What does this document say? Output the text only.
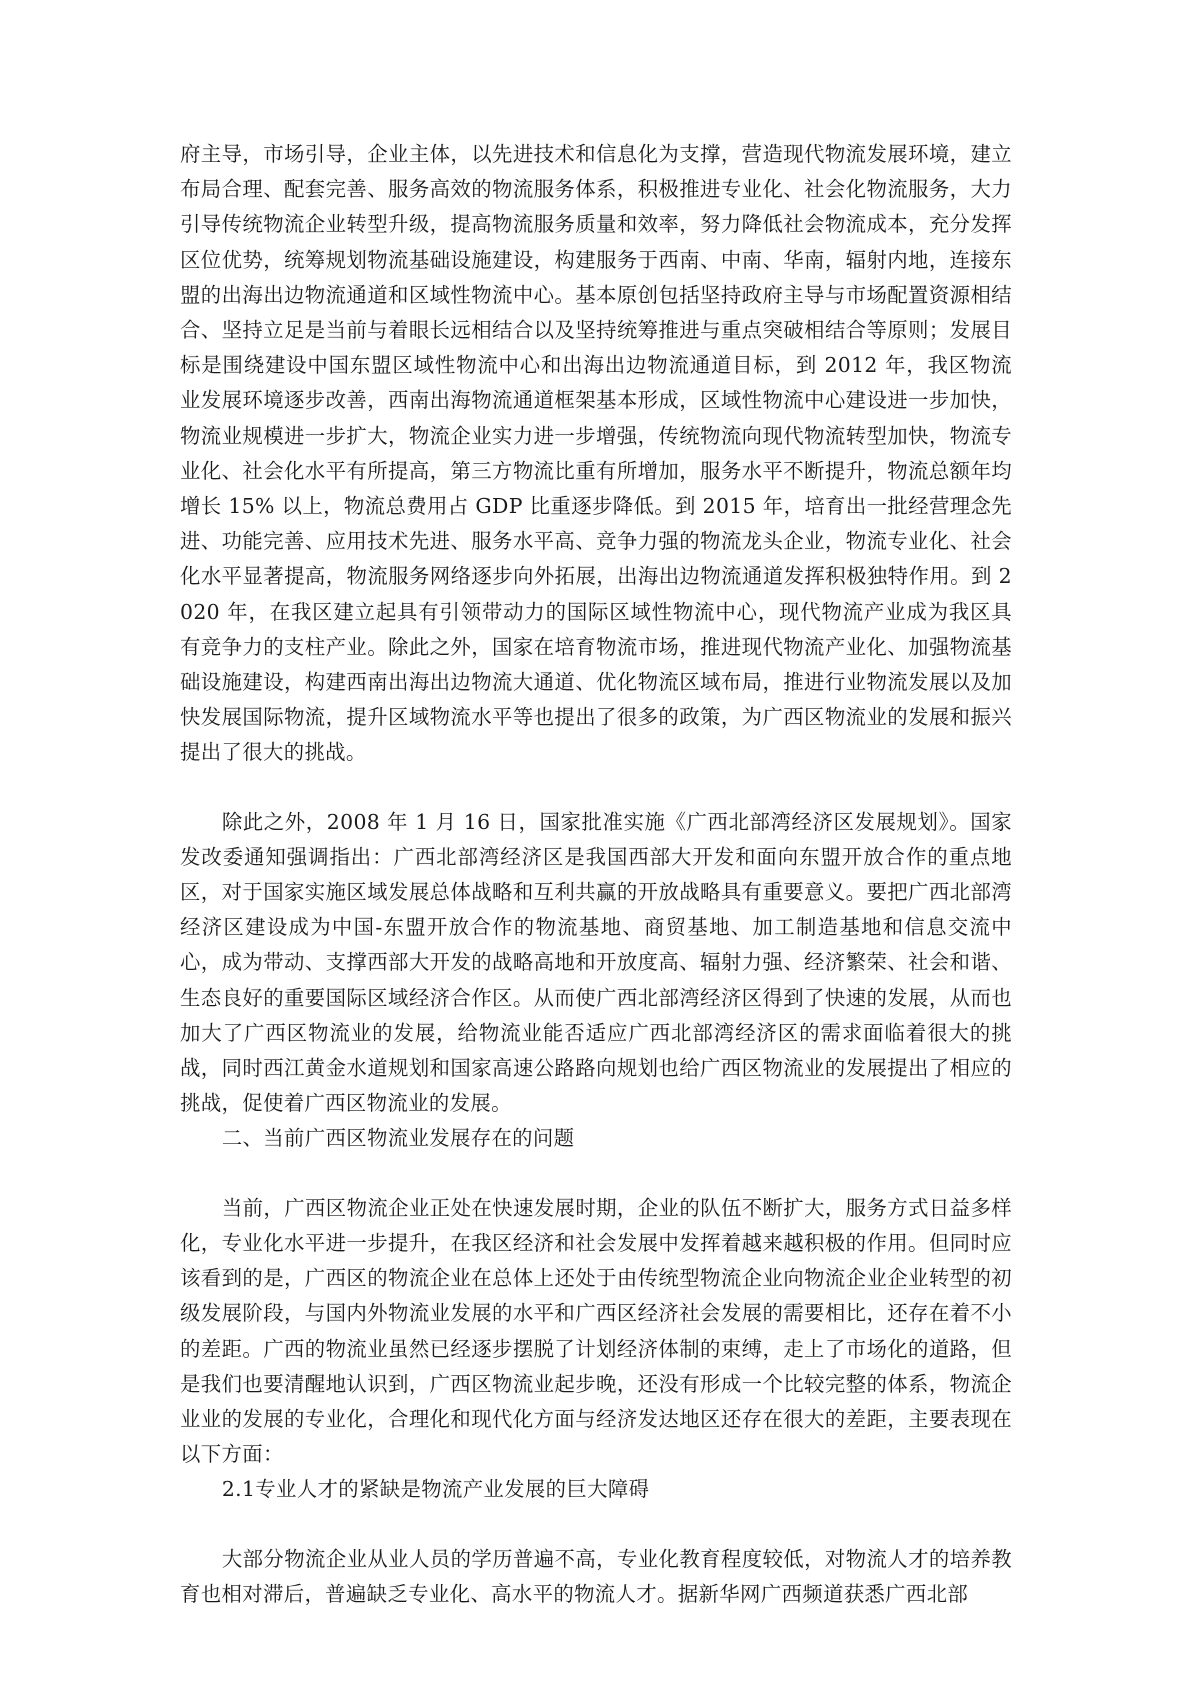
府主导，市场引导，企业主体，以先进技术和信息化为支撑，营造现代物流发展环境，建立布局合理、配套完善、服务高效的物流服务体系，积极推进专业化、社会化物流服务，大力引导传统物流企业转型升级，提高物流服务质量和效率，努力降低社会物流成本，充分发挥区位优势，统筹规划物流基础设施建设，构建服务于西南、中南、华南，辐射内地，连接东盟的出海出边物流通道和区域性物流中心。基本原创包括坚持政府主导与市场配置资源相结合、坚持立足是当前与着眼长远相结合以及坚持统筹推进与重点突破相结合等原则；发展目标是围绕建设中国东盟区域性物流中心和出海出边物流通道目标，到 2012 年，我区物流业发展环境逐步改善，西南出海物流通道框架基本形成，区域性物流中心建设进一步加快，物流业规模进一步扩大，物流企业实力进一步增强，传统物流向现代物流转型加快，物流专业化、社会化水平有所提高，第三方物流比重有所增加，服务水平不断提升，物流总额年均增长 15% 以上，物流总费用占 GDP 比重逐步降低。到 2015 年，培育出一批经营理念先进、功能完善、应用技术先进、服务水平高、竞争力强的物流龙头企业，物流专业化、社会化水平显著提高，物流服务网络逐步向外拓展，出海出边物流通道发挥积极独特作用。到 2020 年，在我区建立起具有引领带动力的国际区域性物流中心，现代物流产业成为我区具有竞争力的支柱产业。除此之外，国家在培育物流市场，推进现代物流产业化、加强物流基础设施建设，构建西南出海出边物流大通道、优化物流区域布局，推进行业物流发展以及加快发展国际物流，提升区域物流水平等也提出了很多的政策，为广西区物流业的发展和振兴提出了很大的挑战。

除此之外，2008 年 1 月 16 日，国家批准实施《广西北部湾经济区发展规划》。国家发改委通知强调指出：广西北部湾经济区是我国西部大开发和面向东盟开放合作的重点地区，对于国家实施区域发展总体战略和互利共赢的开放战略具有重要意义。要把广西北部湾经济区建设成为中国-东盟开放合作的物流基地、商贸基地、加工制造基地和信息交流中心，成为带动、支撑西部大开发的战略高地和开放度高、辐射力强、经济繁荣、社会和谐、生态良好的重要国际区域经济合作区。从而使广西北部湾经济区得到了快速的发展，从而也加大了广西区物流业的发展，给物流业能否适应广西北部湾经济区的需求面临着很大的挑战，同时西江黄金水道规划和国家高速公路路向规划也给广西区物流业的发展提出了相应的挑战，促使着广西区物流业的发展。

二、当前广西区物流业发展存在的问题

当前，广西区物流企业正处在快速发展时期，企业的队伍不断扩大，服务方式日益多样化，专业化水平进一步提升，在我区经济和社会发展中发挥着越来越积极的作用。但同时应该看到的是，广西区的物流企业在总体上还处于由传统型物流企业向物流企业企业转型的初级发展阶段，与国内外物流业发展的水平和广西区经济社会发展的需要相比，还存在着不小的差距。广西的物流业虽然已经逐步摆脱了计划经济体制的束缚，走上了市场化的道路，但是我们也要清醒地认识到，广西区物流业起步晚，还没有形成一个比较完整的体系，物流企业业的发展的专业化，合理化和现代化方面与经济发达地区还存在很大的差距，主要表现在以下方面：

2.1专业人才的紧缺是物流产业发展的巨大障碍

大部分物流企业从业人员的学历普遍不高，专业化教育程度较低，对物流人才的培养教育也相对滞后，普遍缺乏专业化、高水平的物流人才。据新华网广西频道获悉广西北部
